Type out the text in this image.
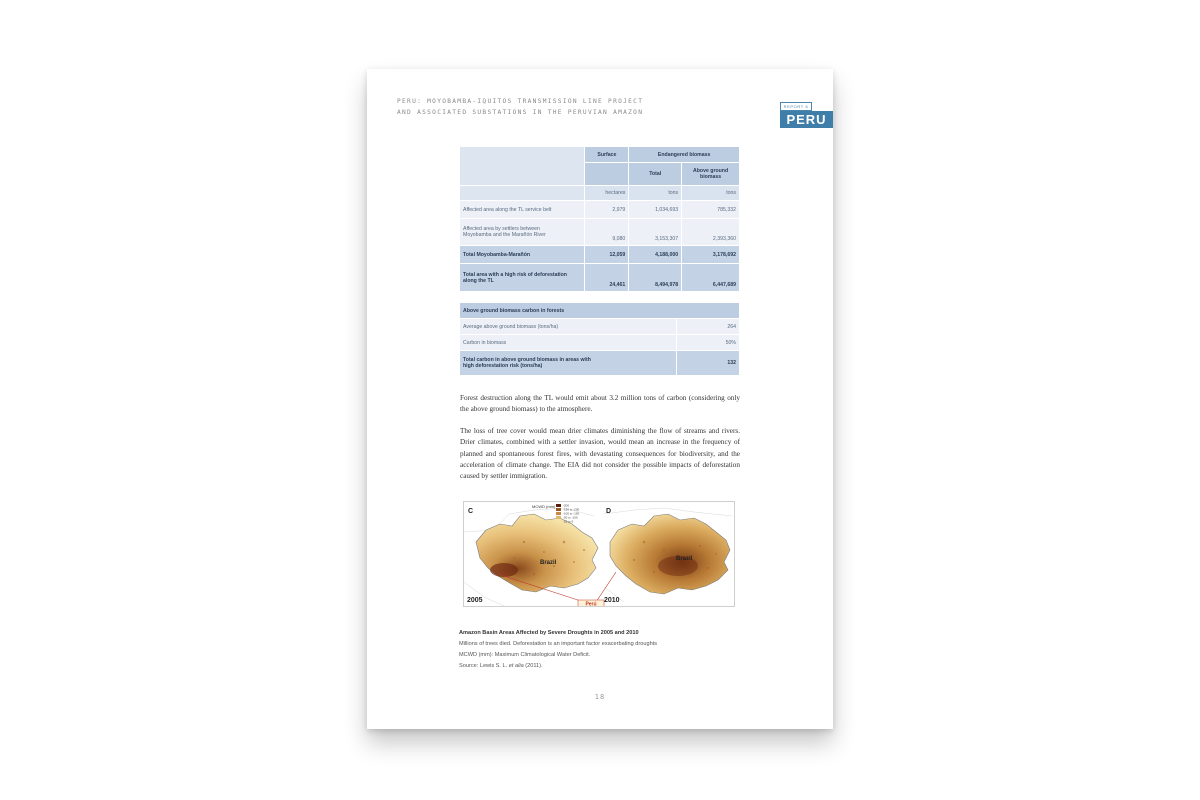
PERU: MOYOBAMBA-IQUITOS TRANSMISSION LINE PROJECT
AND ASSOCIATED SUBSTATIONS IN THE PERUVIAN AMAZON
REPORT 6
PERU
	Surface	Endangered biomass	
		Total	Above ground
biomass

	hectares	tons	tons
Affected area along the TL service belt	2,979	1,034,693	785,332

Affected area by settlers between
Moyobamba and the Marañón River	9,080	3,153,307	2,393,360
Total Moyobamba-Marañón	12,059	4,188,000	3,178,692

Total area with a high risk of deforestation
along the TL	24,461	8,494,978	6,447,689
Above ground biomass carbon in forests	
Average above ground biomass (tons/ha)	264
Carbon in biomass	50%

Total carbon in above ground biomass in areas with
high deforestation risk (tons/ha)	132

Forest destruction along the TL would emit about 3.2 million tons of carbon (considering only the above ground biomass) to the atmosphere.

The loss of tree cover would mean drier climates diminishing the flow of streams and rivers. Drier climates, combined with a settler invasion, would mean an increase in the frequency of planned and spontaneous forest fires, with devastating consequences for biodiversity, and the acceleration of climate change. The EIA did not consider the possible impacts of deforestation caused by settler immigration.

Perú
Brazil
Brazil
C	D
2005	2010
MCWD (mm)	-200
-150 to -200
-100 to -150
-50 to -100
-25 to 0
Amazon Basin Areas Affected by Severe Droughts in 2005 and 2010
Millions of trees died. Deforestation is an important factor exacerbating droughts
MCWD (mm): Maximum Climatological Water Deficit.
Source: Lewis S. L. et alia (2011).
18
